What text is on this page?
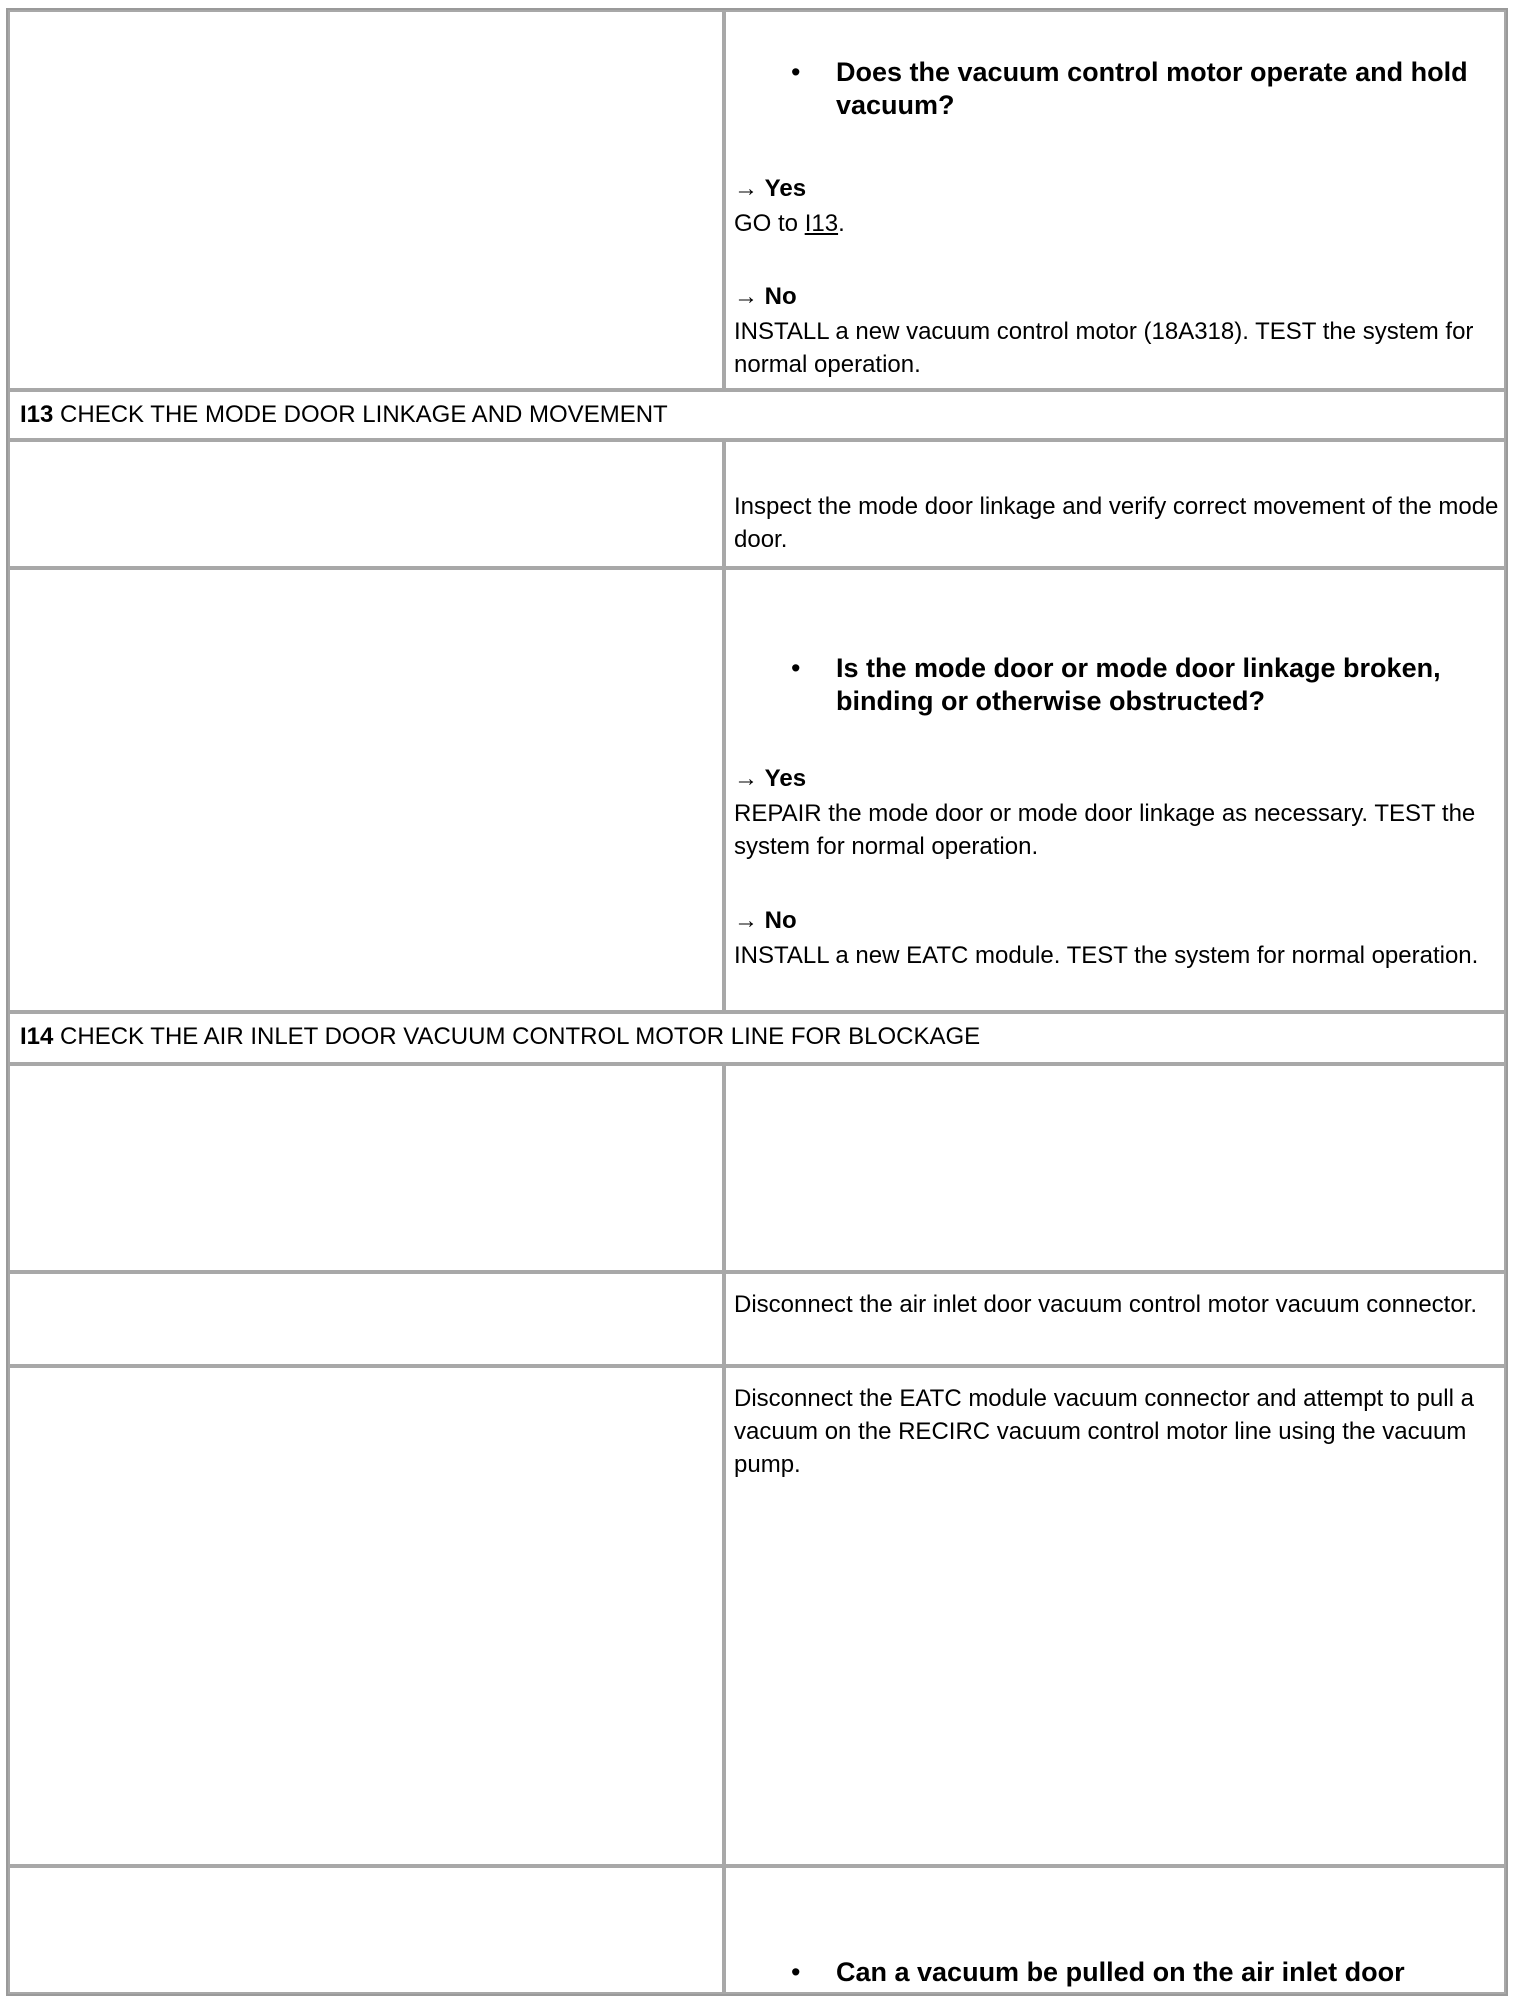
• Does the vacuum control motor operate and hold vacuum?
→ Yes
GO to I13.
→ No
INSTALL a new vacuum control motor (18A318). TEST the system for normal operation.
I13 CHECK THE MODE DOOR LINKAGE AND MOVEMENT
Inspect the mode door linkage and verify correct movement of the mode door.
• Is the mode door or mode door linkage broken, binding or otherwise obstructed?
→ Yes
REPAIR the mode door or mode door linkage as necessary. TEST the system for normal operation.
→ No
INSTALL a new EATC module. TEST the system for normal operation.
I14 CHECK THE AIR INLET DOOR VACUUM CONTROL MOTOR LINE FOR BLOCKAGE
Disconnect the air inlet door vacuum control motor vacuum connector.
Disconnect the EATC module vacuum connector and attempt to pull a vacuum on the RECIRC vacuum control motor line using the vacuum pump.
• Can a vacuum be pulled on the air inlet door
